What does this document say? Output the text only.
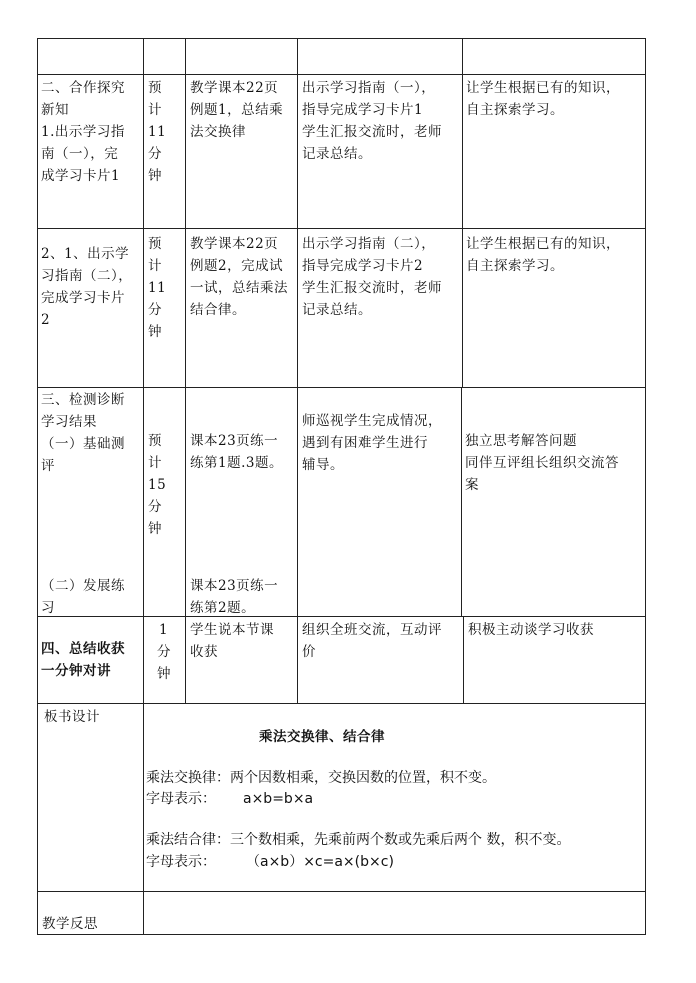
二、合作探究
新知
1.出示学习指
南（一），完
成学习卡片1
预
计
11
分
钟
教学课本22页
例题1，总结乘
法交换律
出示学习指南（一），
指导完成学习卡片1
学生汇报交流时，老师
记录总结。
让学生根据已有的知识，
自主探索学习。
2、1、出示学
习指南（二），
完成学习卡片
2
预
计
11
分
钟
教学课本22页
例题2，完成试
一试，总结乘法
结合律。
出示学习指南（二），
指导完成学习卡片2
学生汇报交流时，老师
记录总结。
让学生根据已有的知识，
自主探索学习。
三、检测诊断
学习结果
（一）基础测
评
（二）发展练
习
预
计
15
分
钟
课本23页练一
练第1题.3题。
课本23页练一
练第2题。
师巡视学生完成情况，
遇到有困难学生进行
辅导。
独立思考解答问题
同伴互评组长组织交流答
案
四、总结收获
一分钟对讲
1
分
钟
学生说本节课
收获
组织全班交流，互动评
价
积极主动谈学习收获
板书设计
乘法交换律、结合律
乘法交换律：两个因数相乘，交换因数的位置，积不变。
字母表示： a×b=b×a
乘法结合律：三个数相乘，先乘前两个数或先乘后两个 数，积不变。
字母表示： （a×b）×c=a×(b×c)
教学反思
